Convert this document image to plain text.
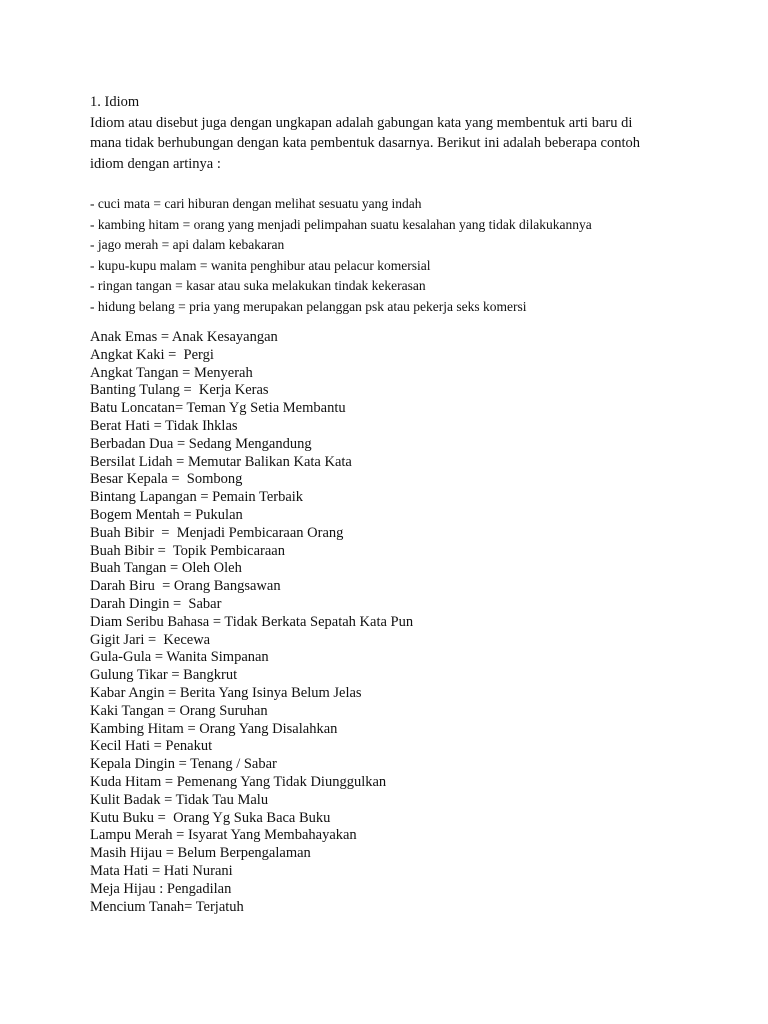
1. Idiom

Idiom atau disebut juga dengan ungkapan adalah gabungan kata yang membentuk arti baru di
mana tidak berhubungan dengan kata pembentuk dasarnya. Berikut ini adalah beberapa contoh
idiom dengan artinya :

- cuci mata = cari hiburan dengan melihat sesuatu yang indah
- kambing hitam = orang yang menjadi pelimpahan suatu kesalahan yang tidak dilakukannya
- jago merah = api dalam kebakaran
- kupu-kupu malam = wanita penghibur atau pelacur komersial
- ringan tangan = kasar atau suka melakukan tindak kekerasan
- hidung belang = pria yang merupakan pelanggan psk atau pekerja seks komersi
Anak Emas = Anak Kesayangan
Angkat Kaki =  Pergi
Angkat Tangan = Menyerah
Banting Tulang =  Kerja Keras
Batu Loncatan= Teman Yg Setia Membantu
Berat Hati = Tidak Ihklas
Berbadan Dua = Sedang Mengandung
Bersilat Lidah = Memutar Balikan Kata Kata
Besar Kepala =  Sombong
Bintang Lapangan = Pemain Terbaik
Bogem Mentah = Pukulan
Buah Bibir  =  Menjadi Pembicaraan Orang
Buah Bibir =  Topik Pembicaraan
Buah Tangan = Oleh Oleh
Darah Biru  = Orang Bangsawan
Darah Dingin =  Sabar
Diam Seribu Bahasa = Tidak Berkata Sepatah Kata Pun
Gigit Jari =  Kecewa
Gula-Gula = Wanita Simpanan
Gulung Tikar = Bangkrut
Kabar Angin = Berita Yang Isinya Belum Jelas
Kaki Tangan = Orang Suruhan
Kambing Hitam = Orang Yang Disalahkan
Kecil Hati = Penakut
Kepala Dingin = Tenang / Sabar
Kuda Hitam = Pemenang Yang Tidak Diunggulkan
Kulit Badak = Tidak Tau Malu
Kutu Buku =  Orang Yg Suka Baca Buku
Lampu Merah = Isyarat Yang Membahayakan
Masih Hijau = Belum Berpengalaman
Mata Hati = Hati Nurani
Meja Hijau : Pengadilan
Mencium Tanah= Terjatuh
